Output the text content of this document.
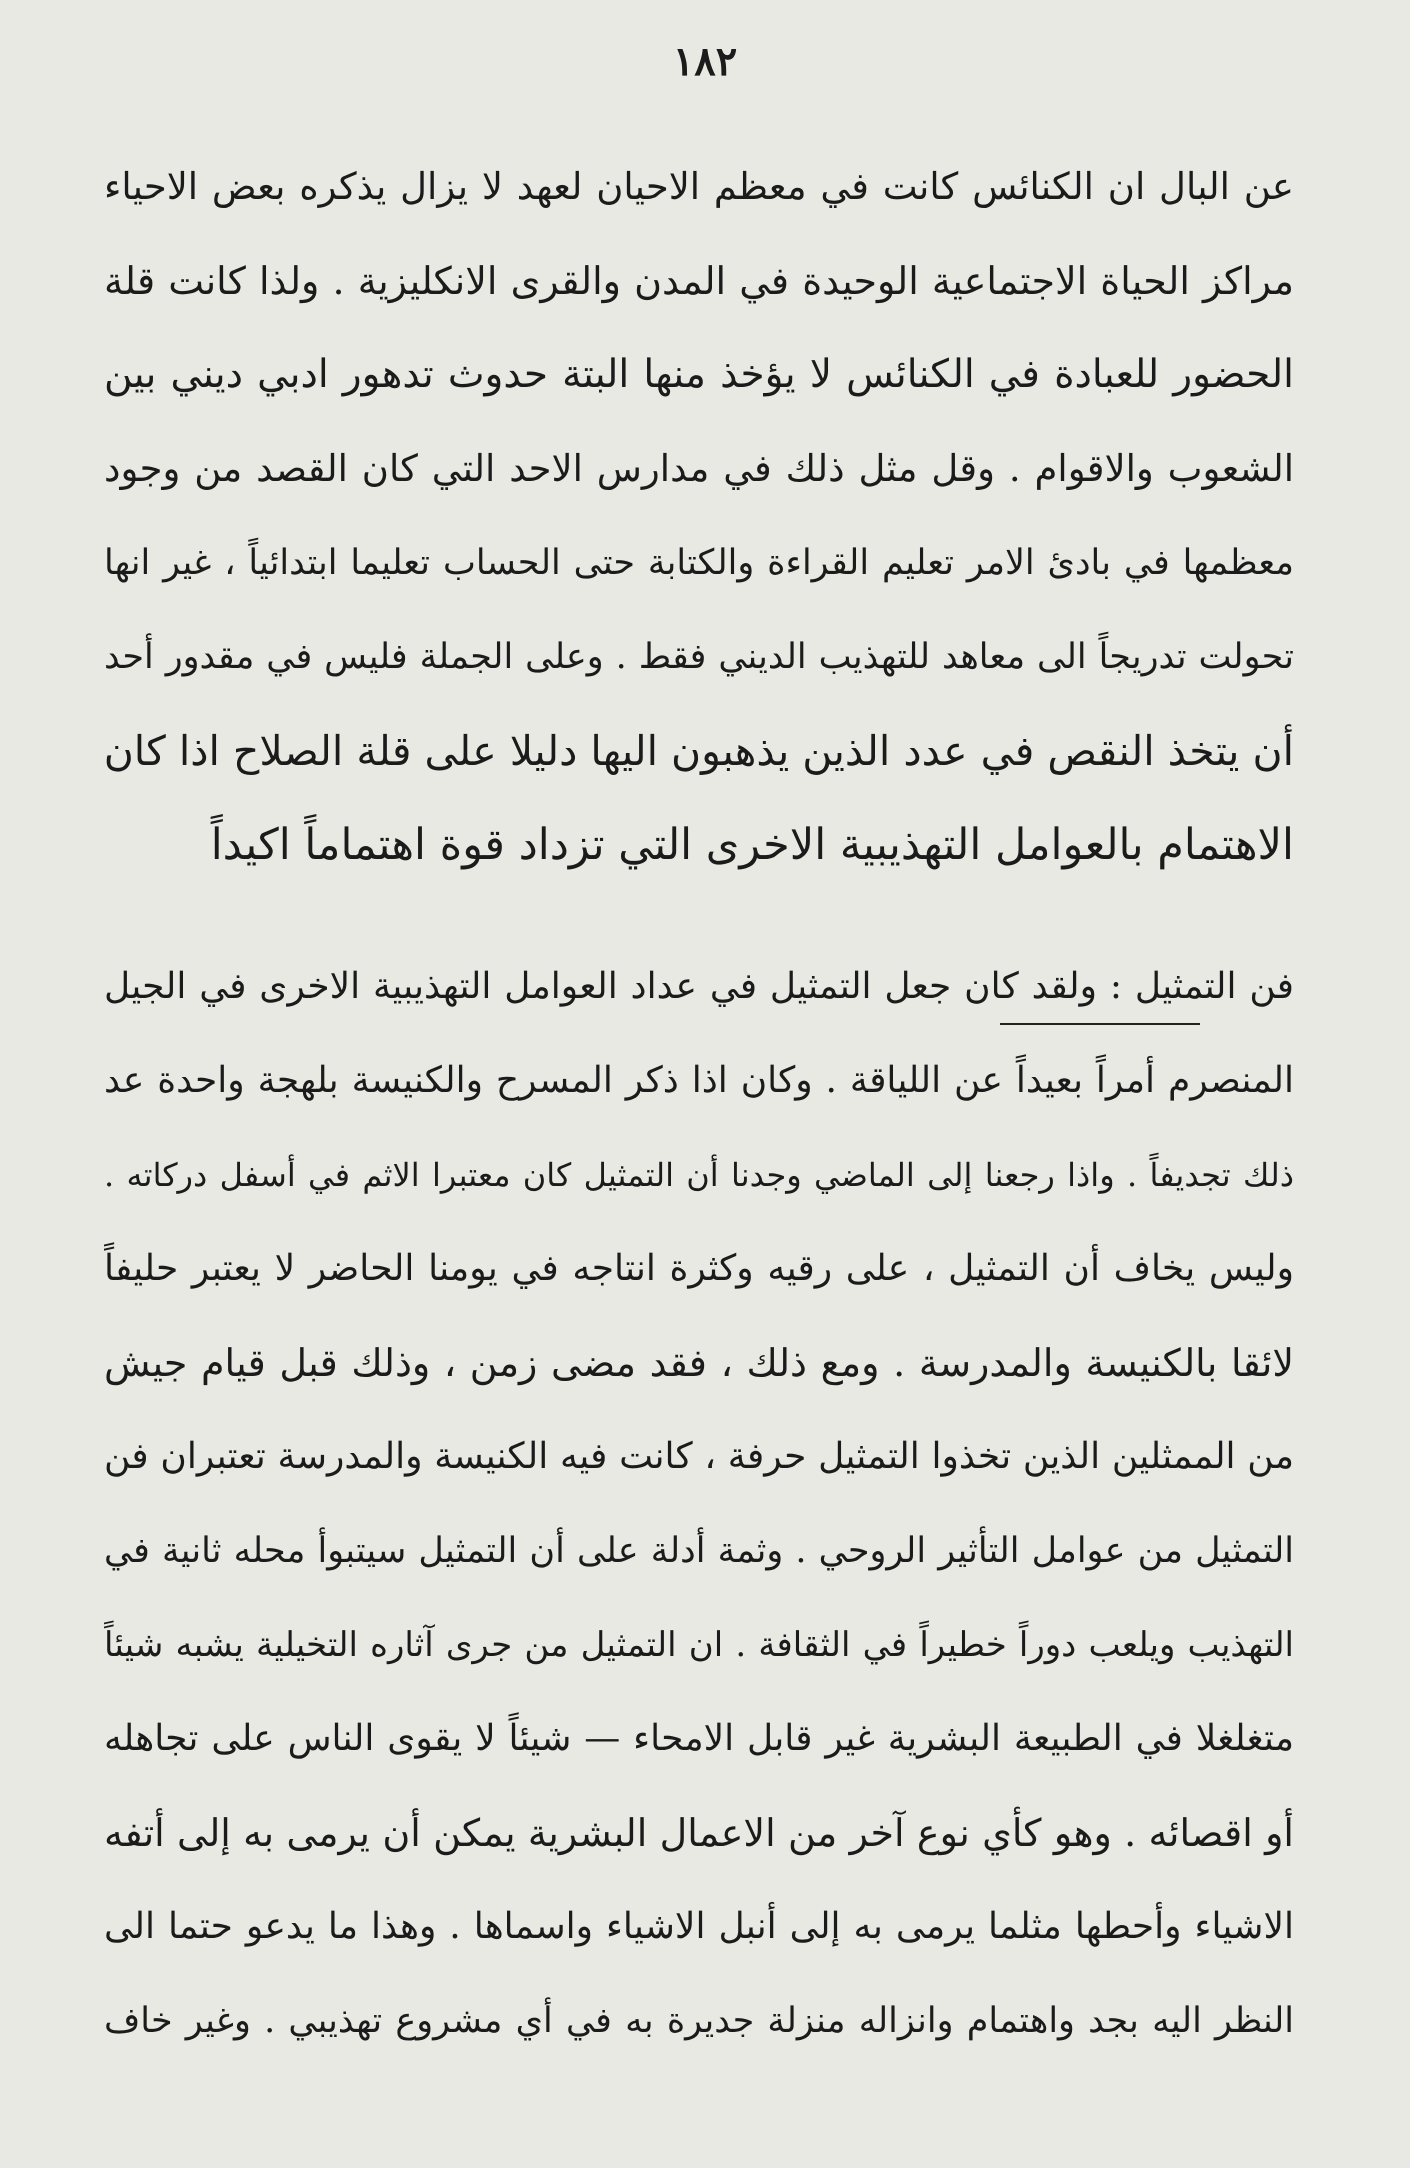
١٨٢
عن البال ان الكنائس كانت في معظم الاحيان لعهد لا يزال يذكره بعض الاحياء
مراكز الحياة الاجتماعية الوحيدة في المدن والقرى الانكليزية . ولذا كانت قلة
الحضور للعبادة في الكنائس لا يؤخذ منها البتة حدوث تدهور ادبي ديني بين
الشعوب والاقوام . وقل مثل ذلك في مدارس الاحد التي كان القصد من وجود
معظمها في بادئ الامر تعليم القراءة والكتابة حتى الحساب تعليما ابتدائياً ، غير انها
تحولت تدريجاً الى معاهد للتهذيب الديني فقط . وعلى الجملة فليس في مقدور أحد
أن يتخذ النقص في عدد الذين يذهبون اليها دليلا على قلة الصلاح اذا كان
الاهتمام بالعوامل التهذيبية الاخرى التي تزداد قوة اهتماماً اكيداً
فن التمثيل : ولقد كان جعل التمثيل في عداد العوامل التهذيبية الاخرى في الجيل
المنصرم أمراً بعيداً عن اللياقة . وكان اذا ذكر المسرح والكنيسة بلهجة واحدة عد
ذلك تجديفاً . واذا رجعنا إلى الماضي وجدنا أن التمثيل كان معتبرا الاثم في أسفل دركاته .
وليس يخاف أن التمثيل ، على رقيه وكثرة انتاجه في يومنا الحاضر لا يعتبر حليفاً
لائقا بالكنيسة والمدرسة . ومع ذلك ، فقد مضى زمن ، وذلك قبل قيام جيش
من الممثلين الذين تخذوا التمثيل حرفة ، كانت فيه الكنيسة والمدرسة تعتبران فن
التمثيل من عوامل التأثير الروحي . وثمة أدلة على أن التمثيل سيتبوأ محله ثانية في
التهذيب ويلعب دوراً خطيراً في الثقافة . ان التمثيل من جرى آثاره التخيلية يشبه شيئاً
متغلغلا في الطبيعة البشرية غير قابل الامحاء — شيئاً لا يقوى الناس على تجاهله
أو اقصائه . وهو كأي نوع آخر من الاعمال البشرية يمكن أن يرمى به إلى أتفه
الاشياء وأحطها مثلما يرمى به إلى أنبل الاشياء واسماها . وهذا ما يدعو حتما الى
النظر اليه بجد واهتمام وانزاله منزلة جديرة به في أي مشروع تهذيبي . وغير خاف
